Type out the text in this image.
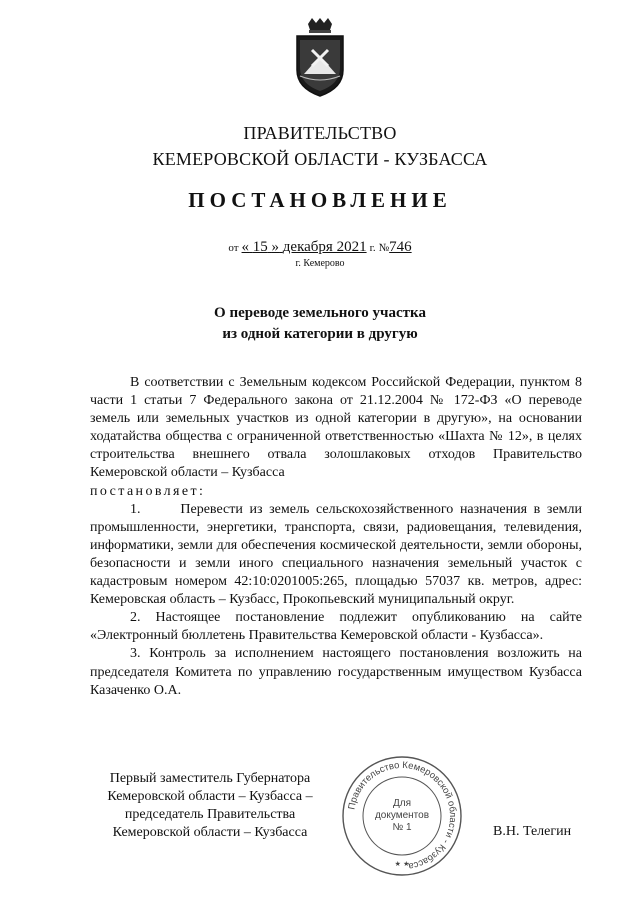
ПРАВИТЕЛЬСТВО
КЕМЕРОВСКОЙ ОБЛАСТИ - КУЗБАССА
ПОСТАНОВЛЕНИЕ
от « 15 » декабря 2021 г. №746
г. Кемерово
О переводе земельного участка
из одной категории в другую

В соответствии с Земельным кодексом Российской Федерации, пунктом 8 части 1 статьи 7 Федерального закона от 21.12.2004 № 172-ФЗ «О переводе земель или земельных участков из одной категории в другую», на основании ходатайства общества с ограниченной ответственностью «Шахта № 12», в целях строительства внешнего отвала золошлаковых отходов Правительство Кемеровской области – Кузбасса

постановляет:

1.      Перевести из земель сельскохозяйственного назначения в земли промышленности, энергетики, транспорта, связи, радиовещания, телевидения, информатики, земли для обеспечения космической деятельности, земли обороны, безопасности и земли иного специального назначения земельный участок с кадастровым номером 42:10:0201005:265, площадью 57037 кв. метров, адрес: Кемеровская область – Кузбасс, Прокопьевский муниципальный округ.

2. Настоящее постановление подлежит опубликованию на сайте «Электронный бюллетень Правительства Кемеровской области - Кузбасса».

3. Контроль за исполнением настоящего постановления возложить на председателя Комитета по управлению государственным имуществом Кузбасса Казаченко О.А.

Первый заместитель Губернатора
Кемеровской области – Кузбасса –
председатель Правительства
Кемеровской области – Кузбасса
Правительство Кемеровской области - Кузбасса
Для
документов
№ 1
★ ★
В.Н. Телегин
